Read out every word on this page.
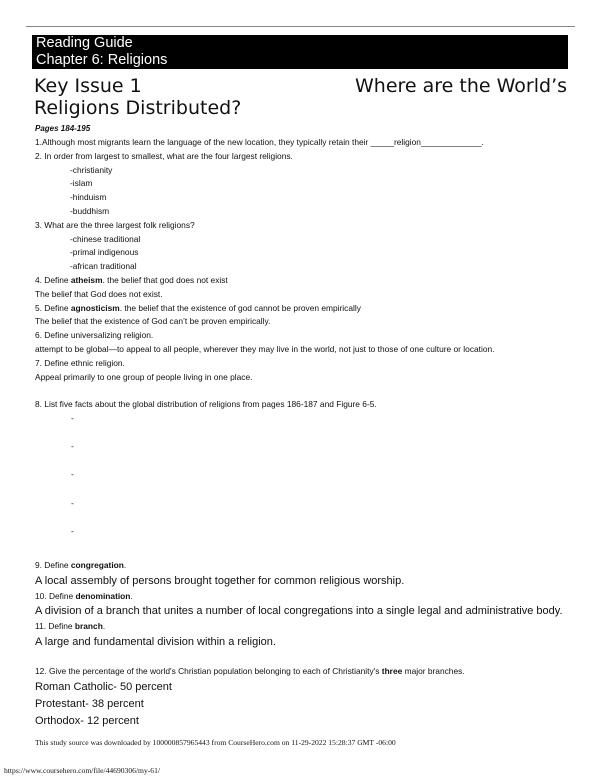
Reading Guide
Chapter 6: Religions
Key Issue 1	Where are the World’s
Religions Distributed?
Pages 184-195
1.Although most migrants learn the language of the new location, they typically retain their _____religion_____________.
2. In order from largest to smallest, what are the four largest religions.
-christianity
-islam
-hinduism
-buddhism
3. What are the three largest folk religions?
-chinese traditional
-primal indigenous
-african traditional
4. Define atheism. the belief that god does not exist
The belief that God does not exist.
5. Define agnosticism. the belief that the existence of god cannot be proven empirically
The belief that the existence of God can’t be proven empirically.
6. Define universalizing religion.
attempt to be global—to appeal to all people, wherever they may live in the world, not just to those of one culture or location.
7. Define ethnic religion.
Appeal primarily to one group of people living in one place.
8. List five facts about the global distribution of religions from pages 186-187 and Figure 6-5.
-
-
-
-
-
9. Define congregation.
A local assembly of persons brought together for common religious worship.
10. Define denomination.
A division of a branch that unites a number of local congregations into a single legal and administrative body.
11. Define branch.
A large and fundamental division within a religion.
12. Give the percentage of the world's Christian population belonging to each of Christianity's three major branches.
Roman Catholic- 50 percent
Protestant- 38 percent
Orthodox- 12 percent
This study source was downloaded by 100000857965443 from CourseHero.com on 11-29-2022 15:28:37 GMT -06:00
https://www.coursehero.com/file/44690306/my-61/
